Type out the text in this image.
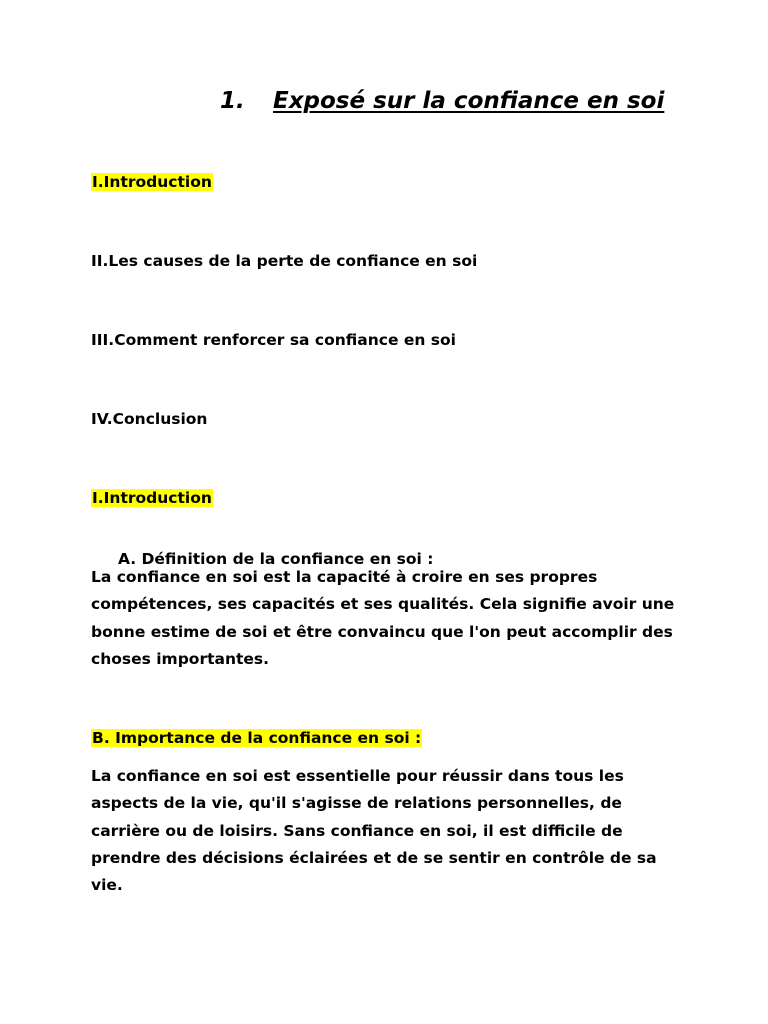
1. Exposé sur la confiance en soi
I.Introduction
II.Les causes de la perte de confiance en soi
III.Comment renforcer sa confiance en soi
IV.Conclusion
I.Introduction

A. Définition de la confiance en soi :

La confiance en soi est la capacité à croire en ses propres compétences, ses capacités et ses qualités. Cela signifie avoir une bonne estime de soi et être convaincu que l'on peut accomplir des choses importantes.
B. Importance de la confiance en soi :
La confiance en soi est essentielle pour réussir dans tous les aspects de la vie, qu'il s'agisse de relations personnelles, de carrière ou de loisirs. Sans confiance en soi, il est difficile de prendre des décisions éclairées et de se sentir en contrôle de sa vie.
